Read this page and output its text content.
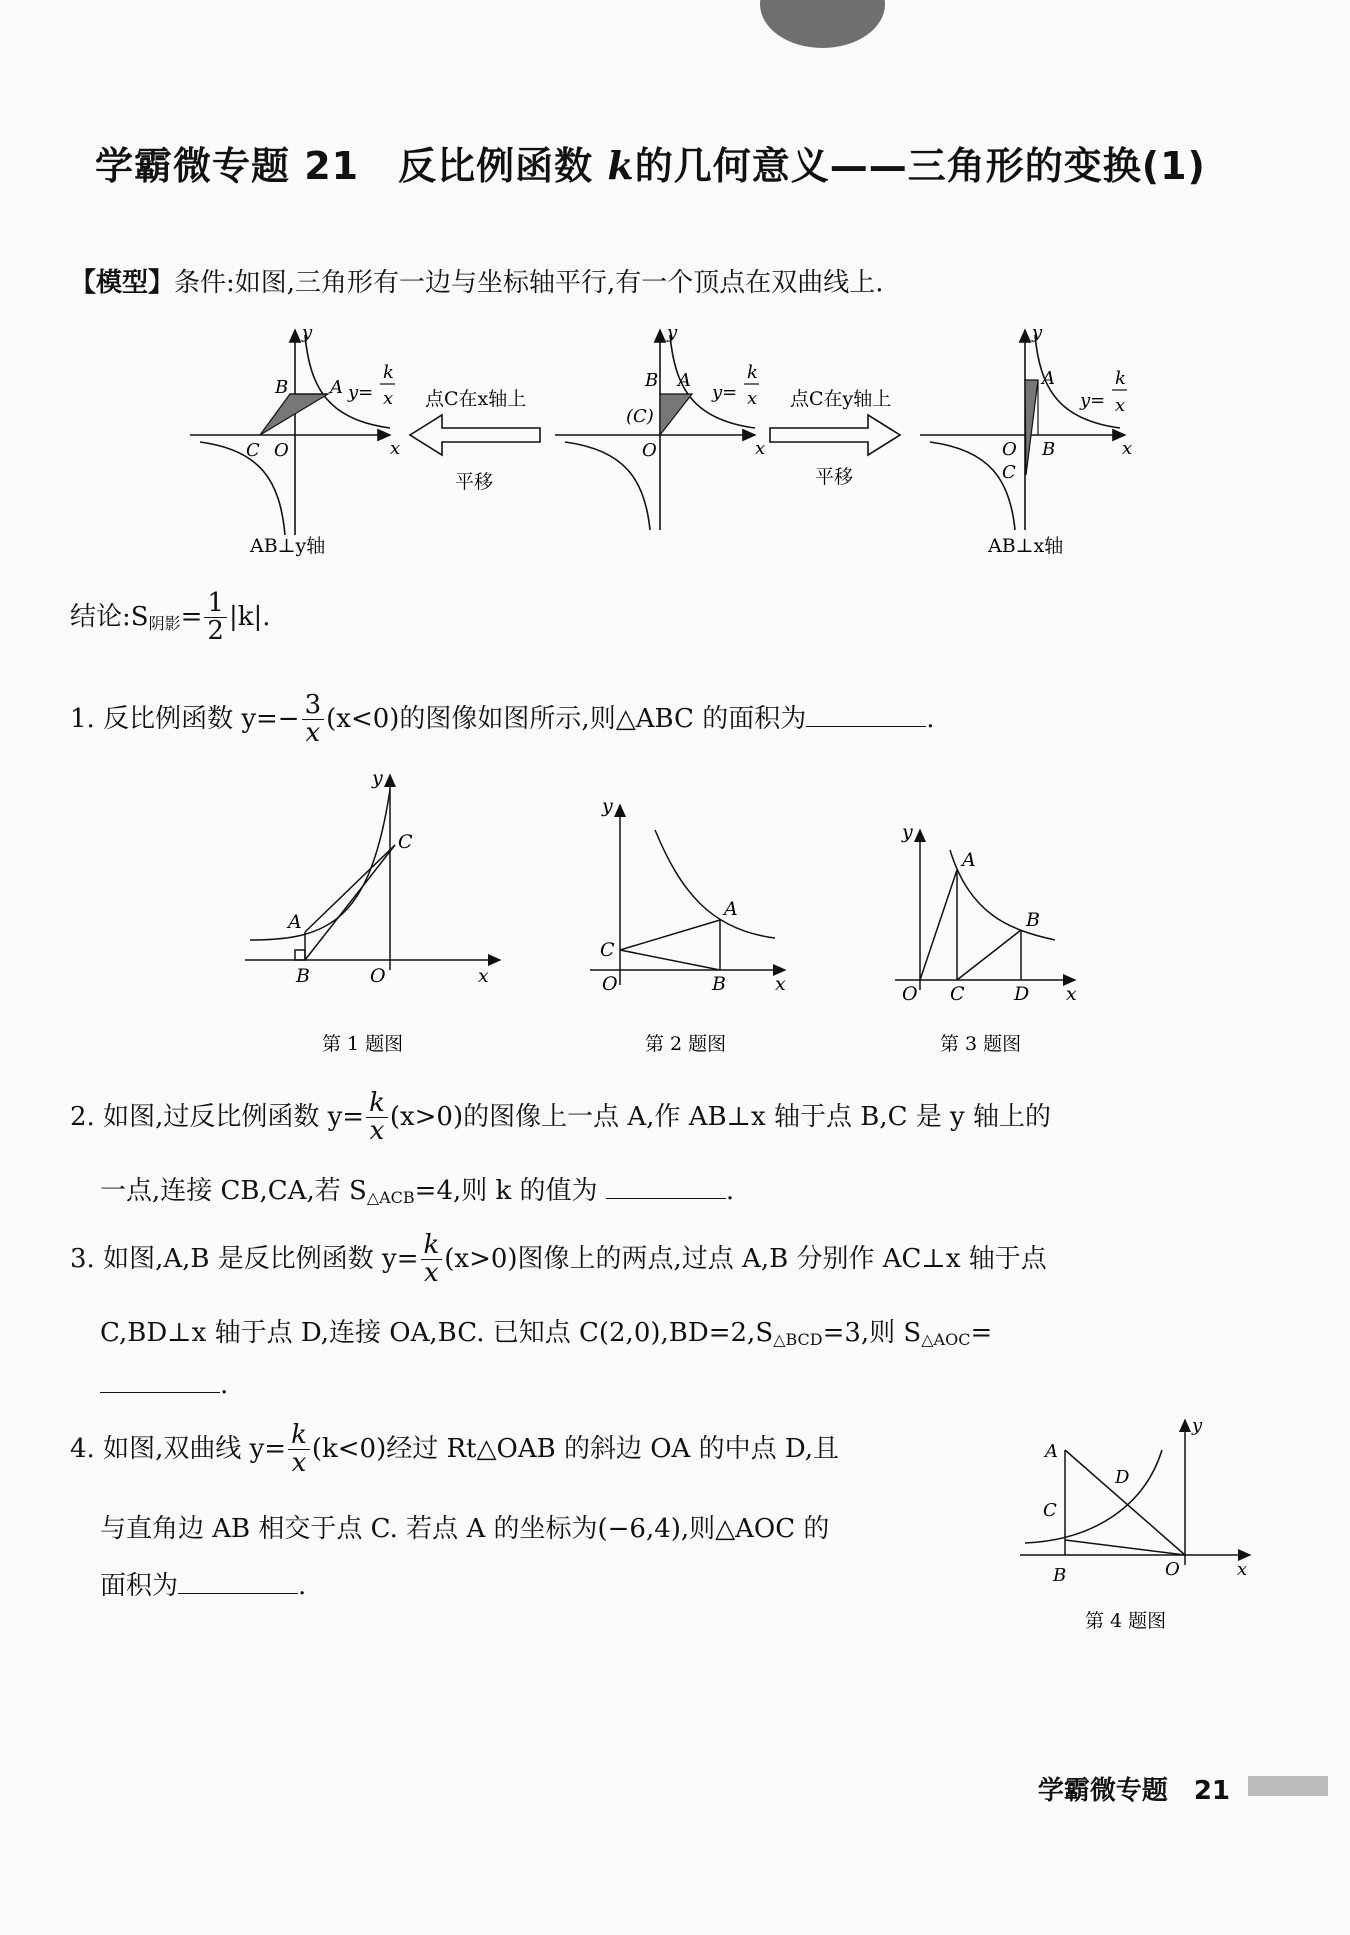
学霸微专题 21　反比例函数 k的几何意义——三角形的变换(1)
【模型】条件:如图,三角形有一边与坐标轴平行,有一个顶点在双曲线上.
y
x
B A
C O
y
x
B A
(C)
O
y
x
A
O B
C
y=
k
x	y=
k
x	y=
k
x
点C在x轴上	点C在y轴上
平移	平移
AB⊥y轴	AB⊥x轴
结论$:S_{阴影}= \frac{1}{2} |k|$.
1. 反比例函数 $y=- \frac{3}{x} (x<0)$的图像如图所示,则△ABC 的面积为	.
y
C
A
B	O	x
y
A
C
O	B	x
y
A
B
O C	D x
第 1 题图	第 2 题图	第 3 题图
2. 如图,过反比例函数 $y= \frac{k}{x} (x>0)$的图像上一点 A,作 AB⊥x 轴于点 B,C 是 y 轴上的
一点,连接 CB,CA,若 $S_{\triangle ACB}=4$,则 k 的值为	.
3. 如图,A,B 是反比例函数 $y= \frac{k}{x} (x>0)$图像上的两点,过点 A,B 分别作 AC⊥x 轴于点
C,BD⊥x 轴于点 D,连接 OA,BC. 已知点 $C(2,0),BD=2,S_{\triangle BCD}=3$,则 $S_{\triangle AOC}=$
.
4. 如图,双曲线 $y= \frac{k}{x} (k<0)$经过 Rt△OAB 的斜边 OA 的中点 D,且
与直角边 AB 相交于点 C. 若点 A 的坐标为(−6,4),则△AOC 的
面积为	.
y
A
D
C
B	O	x
第 4 题图
学霸微专题　21
